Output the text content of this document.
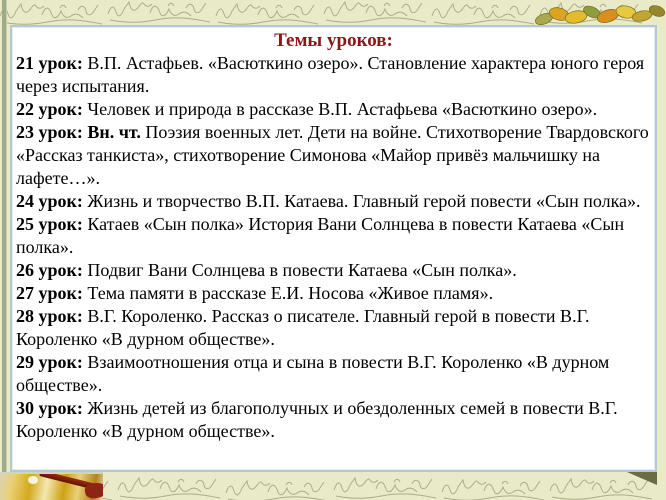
Темы уроков:

21 урок: В.П. Астафьев. «Васюткино озеро». Становление характера юного героя через испытания.

22 урок: Человек и природа в рассказе В.П. Астафьева «Васюткино озеро».

23 урок: Вн. чт. Поэзия военных лет. Дети на войне. Стихотворение Твардовского «Рассказ танкиста», стихотворение Симонова «Майор привёз мальчишку на лафете…».

24 урок: Жизнь и творчество В.П. Катаева. Главный герой повести «Сын полка».

25 урок: Катаев «Сын полка» История Вани Солнцева в повести Катаева «Сын полка».

26 урок: Подвиг Вани Солнцева в повести Катаева «Сын полка».

27 урок: Тема памяти в рассказе Е.И. Носова «Живое пламя».

28 урок: В.Г. Короленко. Рассказ о писателе. Главный герой в повести В.Г. Короленко «В дурном обществе».

29 урок: Взаимоотношения отца и сына в повести В.Г. Короленко «В дурном обществе».

30 урок: Жизнь детей из благополучных и обездоленных семей в повести В.Г. Короленко «В дурном обществе».
